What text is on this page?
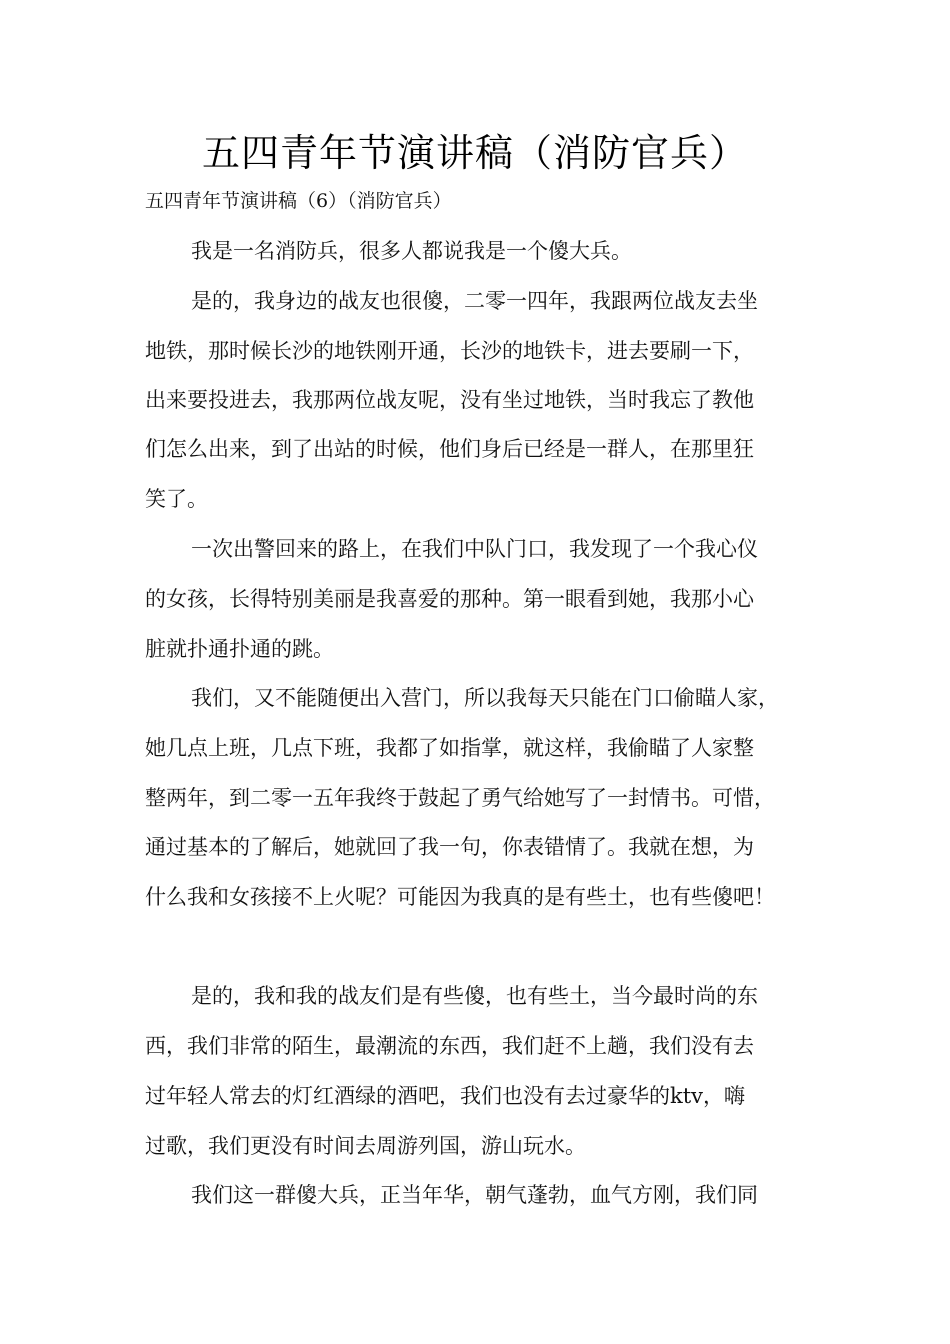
五四青年节演讲稿（消防官兵）
五四青年节演讲稿（6）（消防官兵）
我是一名消防兵，很多人都说我是一个傻大兵。
是的，我身边的战友也很傻，二零一四年，我跟两位战友去坐
地铁，那时候长沙的地铁刚开通，长沙的地铁卡，进去要刷一下，
出来要投进去，我那两位战友呢，没有坐过地铁，当时我忘了教他
们怎么出来，到了出站的时候，他们身后已经是一群人，在那里狂
笑了。
一次出警回来的路上，在我们中队门口，我发现了一个我心仪
的女孩，长得特别美丽是我喜爱的那种。第一眼看到她，我那小心
脏就扑通扑通的跳。
我们，又不能随便出入营门，所以我每天只能在门口偷瞄人家，
她几点上班，几点下班，我都了如指掌，就这样，我偷瞄了人家整
整两年，到二零一五年我终于鼓起了勇气给她写了一封情书。可惜，
通过基本的了解后，她就回了我一句，你表错情了。我就在想，为
什么我和女孩接不上火呢？可能因为我真的是有些土，也有些傻吧！
是的，我和我的战友们是有些傻，也有些土，当今最时尚的东
西，我们非常的陌生，最潮流的东西，我们赶不上趟，我们没有去
过年轻人常去的灯红酒绿的酒吧，我们也没有去过豪华的ktv，嗨
过歌，我们更没有时间去周游列国，游山玩水。
我们这一群傻大兵，正当年华，朝气蓬勃，血气方刚，我们同
